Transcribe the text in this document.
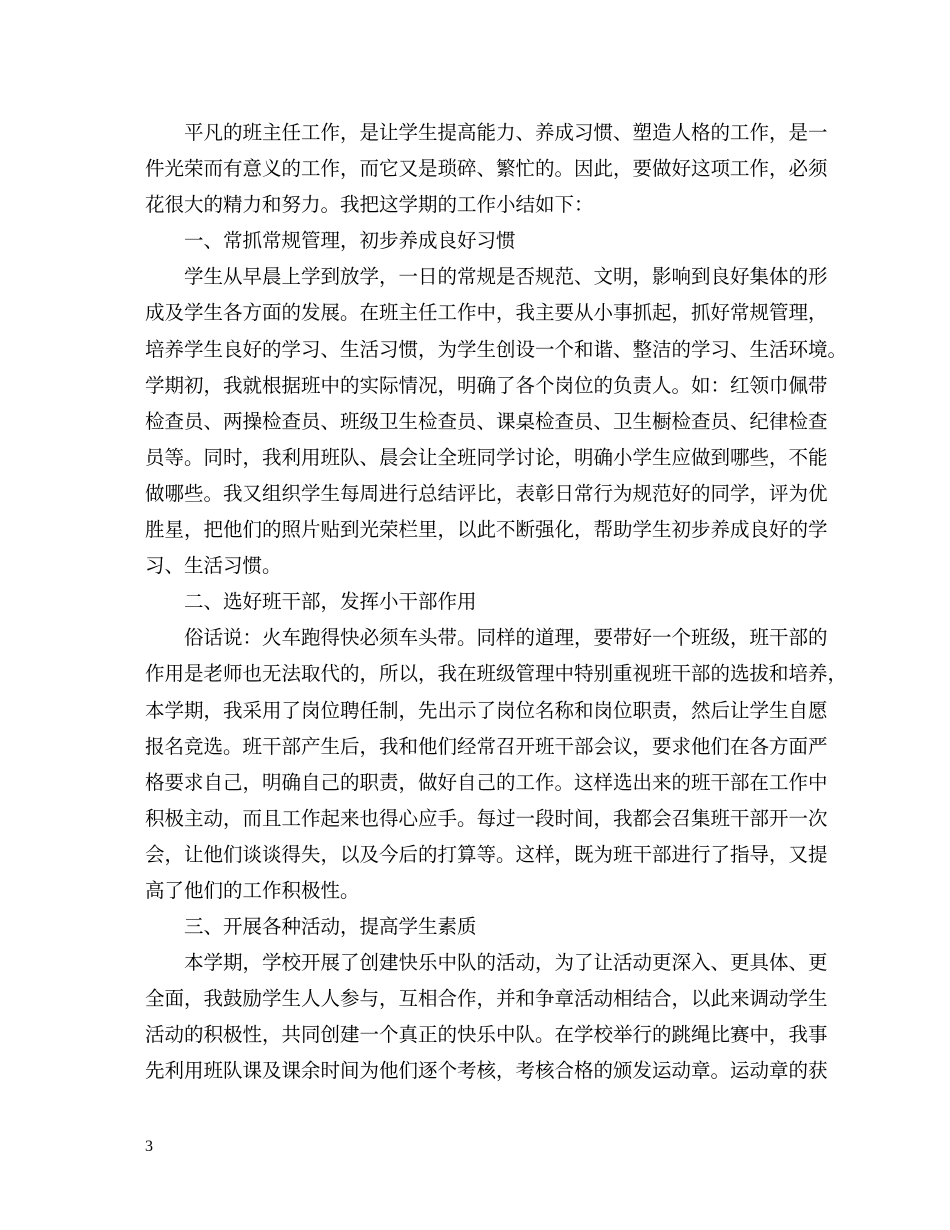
平凡的班主任工作，是让学生提高能力、养成习惯、塑造人格的工作，是一
件光荣而有意义的工作，而它又是琐碎、繁忙的。因此，要做好这项工作，必须
花很大的精力和努力。我把这学期的工作小结如下：
一、常抓常规管理，初步养成良好习惯
学生从早晨上学到放学，一日的常规是否规范、文明，影响到良好集体的形
成及学生各方面的发展。在班主任工作中，我主要从小事抓起，抓好常规管理，
培养学生良好的学习、生活习惯，为学生创设一个和谐、整洁的学习、生活环境。
学期初，我就根据班中的实际情况，明确了各个岗位的负责人。如：红领巾佩带
检查员、两操检查员、班级卫生检查员、课桌检查员、卫生橱检查员、纪律检查
员等。同时，我利用班队、晨会让全班同学讨论，明确小学生应做到哪些，不能
做哪些。我又组织学生每周进行总结评比，表彰日常行为规范好的同学，评为优
胜星，把他们的照片贴到光荣栏里，以此不断强化，帮助学生初步养成良好的学
习、生活习惯。
二、选好班干部，发挥小干部作用
俗话说：火车跑得快必须车头带。同样的道理，要带好一个班级，班干部的
作用是老师也无法取代的，所以，我在班级管理中特别重视班干部的选拔和培养，
本学期，我采用了岗位聘任制，先出示了岗位名称和岗位职责，然后让学生自愿
报名竞选。班干部产生后，我和他们经常召开班干部会议，要求他们在各方面严
格要求自己，明确自己的职责，做好自己的工作。这样选出来的班干部在工作中
积极主动，而且工作起来也得心应手。每过一段时间，我都会召集班干部开一次
会，让他们谈谈得失，以及今后的打算等。这样，既为班干部进行了指导，又提
高了他们的工作积极性。
三、开展各种活动，提高学生素质
本学期，学校开展了创建快乐中队的活动，为了让活动更深入、更具体、更
全面，我鼓励学生人人参与，互相合作，并和争章活动相结合，以此来调动学生
活动的积极性，共同创建一个真正的快乐中队。在学校举行的跳绳比赛中，我事
先利用班队课及课余时间为他们逐个考核，考核合格的颁发运动章。运动章的获
3
